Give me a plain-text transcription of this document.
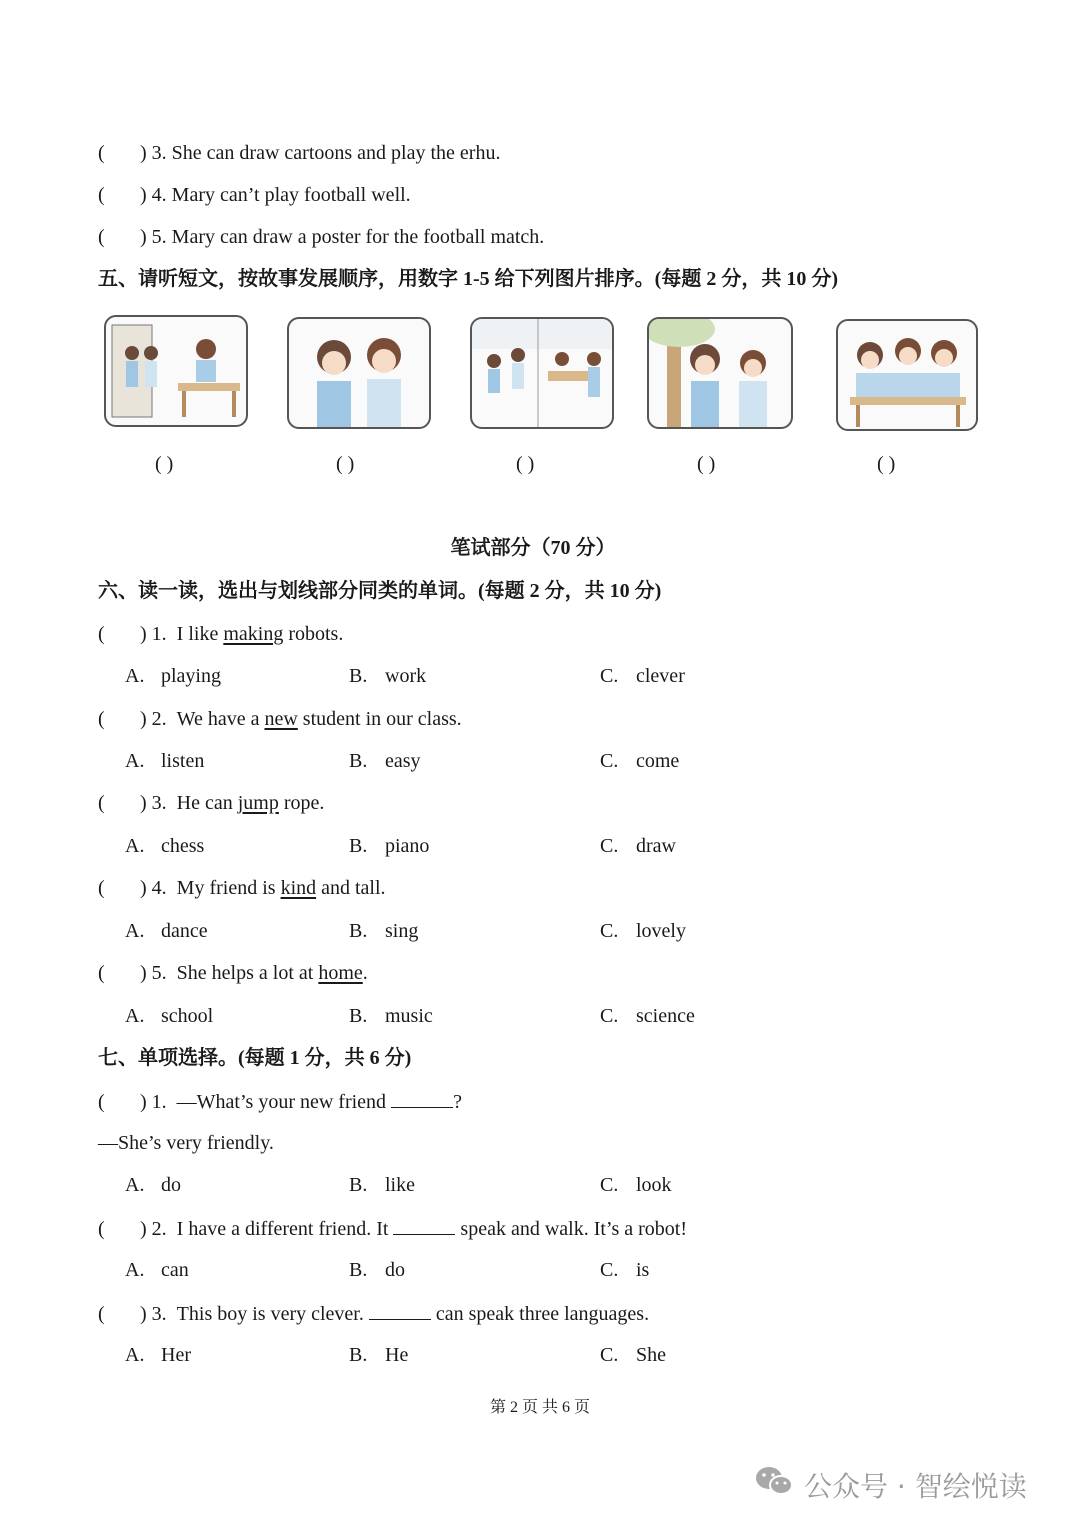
( ) 3. She can draw cartoons and play the erhu.
( ) 4. Mary can’t play football well.
( ) 5. Mary can draw a poster for the football match.
五、请听短文，按故事发展顺序，用数字 1-5 给下列图片排序。(每题 2 分，共 10 分)
( )	( )	( )	( )	( )
笔试部分（70 分）
六、读一读，选出与划线部分同类的单词。(每题 2 分，共 10 分)
( ) 1. I like making robots.
A. playing	B. work	C. clever
( ) 2. We have a new student in our class.
A. listen	B. easy	C. come
( ) 3. He can jump rope.
A. chess	B. piano	C. draw
( ) 4. My friend is kind and tall.
A. dance	B. sing	C. lovely
( ) 5. She helps a lot at home.
A. school	B. music	C. science
七、单项选择。(每题 1 分，共 6 分)
( ) 1. —What’s your new friend	?
—She’s very friendly.
A. do	B. like	C. look
( ) 2. I have a different friend. It	speak and walk. It’s a robot!
A. can	B. do	C. is
( ) 3. This boy is very clever.	can speak three languages.
A. Her	B. He	C. She
第 2 页 共 6 页
公众号 · 智绘悦读
